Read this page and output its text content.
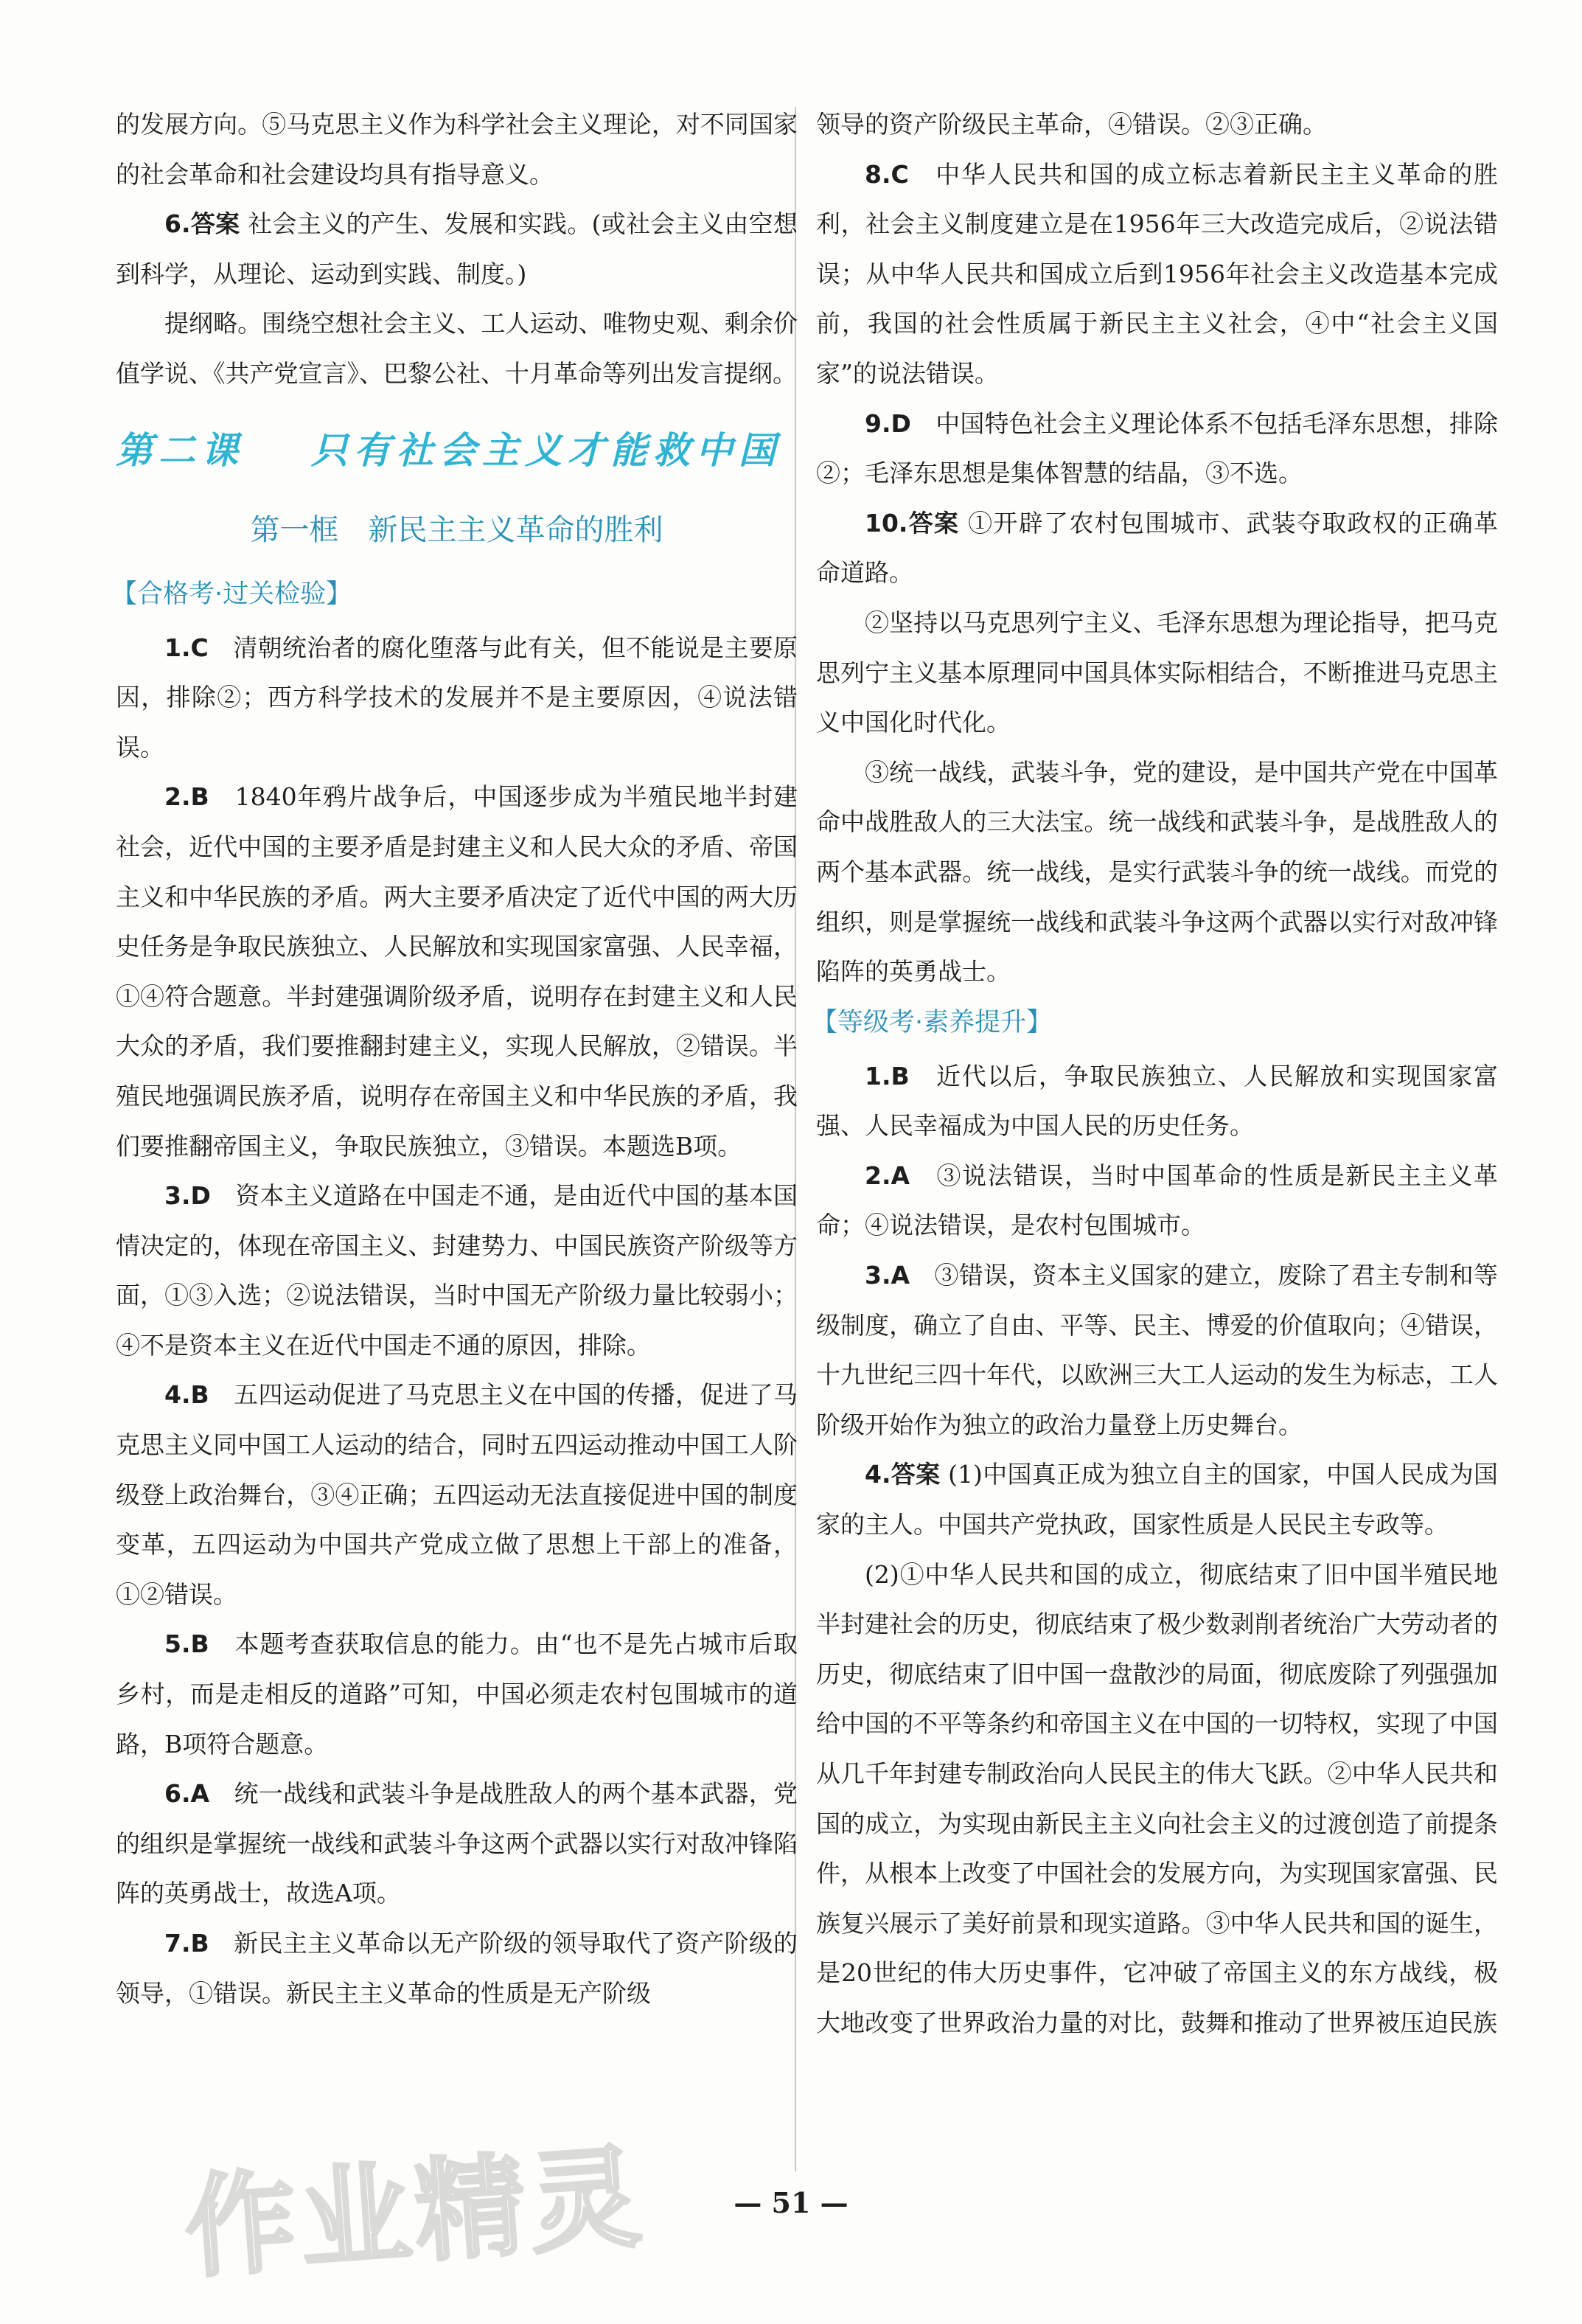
的发展方向。⑤马克思主义作为科学社会主义理论，对不同国家的社会革命和社会建设均具有指导意义。

6.答案 社会主义的产生、发展和实践。(或社会主义由空想到科学，从理论、运动到实践、制度。)

提纲略。围绕空想社会主义、工人运动、唯物史观、剩余价值学说、《共产党宣言》、巴黎公社、十月革命等列出发言提纲。

第二课 只有社会主义才能救中国
第一框　新民主主义革命的胜利
【合格考·过关检验】

1.C　清朝统治者的腐化堕落与此有关，但不能说是主要原因，排除②；西方科学技术的发展并不是主要原因，④说法错误。

2.B　1840年鸦片战争后，中国逐步成为半殖民地半封建社会，近代中国的主要矛盾是封建主义和人民大众的矛盾、帝国主义和中华民族的矛盾。两大主要矛盾决定了近代中国的两大历史任务是争取民族独立、人民解放和实现国家富强、人民幸福，①④符合题意。半封建强调阶级矛盾，说明存在封建主义和人民大众的矛盾，我们要推翻封建主义，实现人民解放，②错误。半殖民地强调民族矛盾，说明存在帝国主义和中华民族的矛盾，我们要推翻帝国主义，争取民族独立，③错误。本题选B项。

3.D　资本主义道路在中国走不通，是由近代中国的基本国情决定的，体现在帝国主义、封建势力、中国民族资产阶级等方面，①③入选；②说法错误，当时中国无产阶级力量比较弱小；④不是资本主义在近代中国走不通的原因，排除。

4.B　五四运动促进了马克思主义在中国的传播，促进了马克思主义同中国工人运动的结合，同时五四运动推动中国工人阶级登上政治舞台，③④正确；五四运动无法直接促进中国的制度变革，五四运动为中国共产党成立做了思想上干部上的准备，①②错误。

5.B　本题考查获取信息的能力。由“也不是先占城市后取乡村，而是走相反的道路”可知，中国必须走农村包围城市的道路，B项符合题意。

6.A　统一战线和武装斗争是战胜敌人的两个基本武器，党的组织是掌握统一战线和武装斗争这两个武器以实行对敌冲锋陷阵的英勇战士，故选A项。

7.B　新民主主义革命以无产阶级的领导取代了资产阶级的领导，①错误。新民主主义革命的性质是无产阶级

领导的资产阶级民主革命，④错误。②③正确。

8.C　中华人民共和国的成立标志着新民主主义革命的胜利，社会主义制度建立是在1956年三大改造完成后，②说法错误；从中华人民共和国成立后到1956年社会主义改造基本完成前，我国的社会性质属于新民主主义社会，④中“社会主义国家”的说法错误。

9.D　中国特色社会主义理论体系不包括毛泽东思想，排除②；毛泽东思想是集体智慧的结晶，③不选。

10.答案 ①开辟了农村包围城市、武装夺取政权的正确革命道路。

②坚持以马克思列宁主义、毛泽东思想为理论指导，把马克思列宁主义基本原理同中国具体实际相结合，不断推进马克思主义中国化时代化。

③统一战线，武装斗争，党的建设，是中国共产党在中国革命中战胜敌人的三大法宝。统一战线和武装斗争，是战胜敌人的两个基本武器。统一战线，是实行武装斗争的统一战线。而党的组织，则是掌握统一战线和武装斗争这两个武器以实行对敌冲锋陷阵的英勇战士。

【等级考·素养提升】

1.B　近代以后，争取民族独立、人民解放和实现国家富强、人民幸福成为中国人民的历史任务。

2.A　③说法错误，当时中国革命的性质是新民主主义革命；④说法错误，是农村包围城市。

3.A　③错误，资本主义国家的建立，废除了君主专制和等级制度，确立了自由、平等、民主、博爱的价值取向；④错误，十九世纪三四十年代，以欧洲三大工人运动的发生为标志，工人阶级开始作为独立的政治力量登上历史舞台。

4.答案 (1)中国真正成为独立自主的国家，中国人民成为国家的主人。中国共产党执政，国家性质是人民民主专政等。

(2)①中华人民共和国的成立，彻底结束了旧中国半殖民地半封建社会的历史，彻底结束了极少数剥削者统治广大劳动者的历史，彻底结束了旧中国一盘散沙的局面，彻底废除了列强强加给中国的不平等条约和帝国主义在中国的一切特权，实现了中国从几千年封建专制政治向人民民主的伟大飞跃。②中华人民共和国的成立，为实现由新民主主义向社会主义的过渡创造了前提条件，从根本上改变了中国社会的发展方向，为实现国家富强、民族复兴展示了美好前景和现实道路。③中华人民共和国的诞生，是20世纪的伟大历史事件，它冲破了帝国主义的东方战线，极大地改变了世界政治力量的对比，鼓舞和推动了世界被压迫民族

作业精灵	— 51 —
